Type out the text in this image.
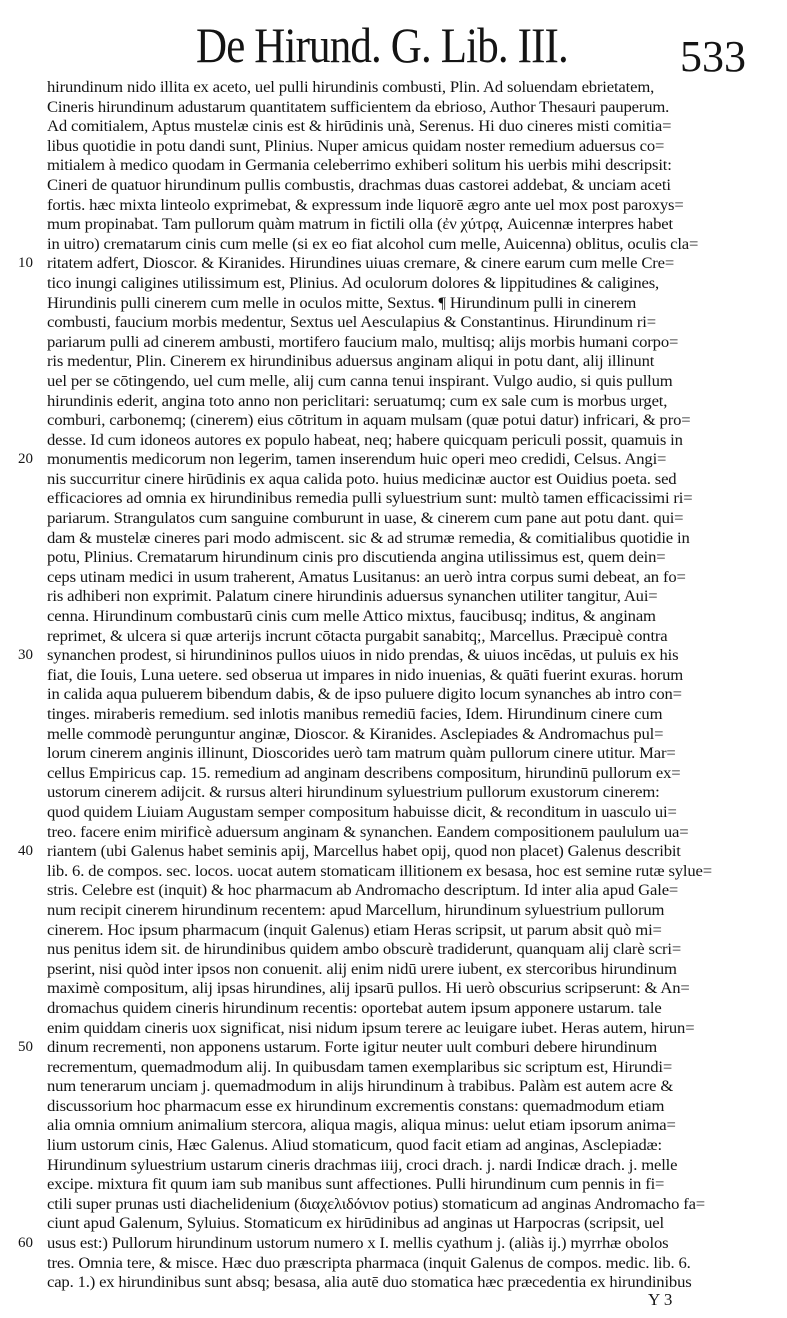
De Hirund. G. Lib. III.	533
hirundinum nido illita ex aceto, uel pulli hirundinis combusti, Plin. Ad soluendam ebrietatem,
Cineris hirundinum adustarum quantitatem sufficientem da ebrioso, Author Thesauri pauperum.
Ad comitialem, Aptus mustelæ cinis est & hirūdinis unà, Serenus. Hi duo cineres misti comitia=
libus quotidie in potu dandi sunt, Plinius. Nuper amicus quidam noster remedium aduersus co=
mitialem à medico quodam in Germania celeberrimo exhiberi solitum his uerbis mihi descripsit:
Cineri de quatuor hirundinum pullis combustis, drachmas duas castorei addebat, & unciam aceti
fortis. hæc mixta linteolo exprimebat, & expressum inde liquorē ægro ante uel mox post paroxys=
mum propinabat. Tam pullorum quàm matrum in fictili olla (ἐν χύτρᾳ, Auicennæ interpres habet
in uitro) crematarum cinis cum melle (si ex eo fiat alcohol cum melle, Auicenna) oblitus, oculis cla=
ritatem adfert, Dioscor. & Kiranides. Hirundines uiuas cremare, & cinere earum cum melle Cre=
tico inungi caligines utilissimum est, Plinius. Ad oculorum dolores & lippitudines & caligines,
Hirundinis pulli cinerem cum melle in oculos mitte, Sextus. ¶ Hirundinum pulli in cinerem
combusti, faucium morbis medentur, Sextus uel Aesculapius & Constantinus. Hirundinum ri=
pariarum pulli ad cinerem ambusti, mortifero faucium malo, multisq; alijs morbis humani corpo=
ris medentur, Plin. Cinerem ex hirundinibus aduersus anginam aliqui in potu dant, alij illinunt
uel per se cōtingendo, uel cum melle, alij cum canna tenui inspirant. Vulgo audio, si quis pullum
hirundinis ederit, angina toto anno non periclitari: seruatumq; cum ex sale cum is morbus urget,
comburi, carbonemq; (cinerem) eius cōtritum in aquam mulsam (quæ potui datur) infricari, & pro=
desse. Id cum idoneos autores ex populo habeat, neq; habere quicquam periculi possit, quamuis in
monumentis medicorum non legerim, tamen inserendum huic operi meo credidi, Celsus. Angi=
nis succurritur cinere hirūdinis ex aqua calida poto. huius medicinæ auctor est Ouidius poeta. sed
efficaciores ad omnia ex hirundinibus remedia pulli syluestrium sunt: multò tamen efficacissimi ri=
pariarum. Strangulatos cum sanguine comburunt in uase, & cinerem cum pane aut potu dant. qui=
dam & mustelæ cineres pari modo admiscent. sic & ad strumæ remedia, & comitialibus quotidie in
potu, Plinius. Crematarum hirundinum cinis pro discutienda angina utilissimus est, quem dein=
ceps utinam medici in usum traherent, Amatus Lusitanus: an uerò intra corpus sumi debeat, an fo=
ris adhiberi non exprimit. Palatum cinere hirundinis aduersus synanchen utiliter tangitur, Aui=
cenna. Hirundinum combustarū cinis cum melle Attico mixtus, faucibusq; inditus, & anginam
reprimet, & ulcera si quæ arterijs incrunt cōtacta purgabit sanabitq;, Marcellus. Præcipuè contra
synanchen prodest, si hirundininos pullos uiuos in nido prendas, & uiuos incēdas, ut puluis ex his
fiat, die Iouis, Luna uetere. sed obserua ut impares in nido inuenias, & quāti fuerint exuras. horum
in calida aqua puluerem bibendum dabis, & de ipso puluere digito locum synanches ab intro con=
tinges. miraberis remedium. sed inlotis manibus remediū facies, Idem. Hirundinum cinere cum
melle commodè perunguntur anginæ, Dioscor. & Kiranides. Asclepiades & Andromachus pul=
lorum cinerem anginis illinunt, Dioscorides uerò tam matrum quàm pullorum cinere utitur. Mar=
cellus Empiricus cap. 15. remedium ad anginam describens compositum, hirundinū pullorum ex=
ustorum cinerem adijcit. & rursus alteri hirundinum syluestrium pullorum exustorum cinerem:
quod quidem Liuiam Augustam semper compositum habuisse dicit, & reconditum in uasculo ui=
treo. facere enim mirificè aduersum anginam & synanchen. Eandem compositionem paululum ua=
riantem (ubi Galenus habet seminis apij, Marcellus habet opij, quod non placet) Galenus describit
lib. 6. de compos. sec. locos. uocat autem stomaticam illitionem ex besasa, hoc est semine rutæ sylue=
stris. Celebre est (inquit) & hoc pharmacum ab Andromacho descriptum. Id inter alia apud Gale=
num recipit cinerem hirundinum recentem: apud Marcellum, hirundinum syluestrium pullorum
cinerem. Hoc ipsum pharmacum (inquit Galenus) etiam Heras scripsit, ut parum absit quò mi=
nus penitus idem sit. de hirundinibus quidem ambo obscurè tradiderunt, quanquam alij clarè scri=
pserint, nisi quòd inter ipsos non conuenit. alij enim nidū urere iubent, ex stercoribus hirundinum
maximè compositum, alij ipsas hirundines, alij ipsarū pullos. Hi uerò obscurius scripserunt: & An=
dromachus quidem cineris hirundinum recentis: oportebat autem ipsum apponere ustarum. tale
enim quiddam cineris uox significat, nisi nidum ipsum terere ac leuigare iubet. Heras autem, hirun=
dinum recrementi, non apponens ustarum. Forte igitur neuter uult comburi debere hirundinum
recrementum, quemadmodum alij. In quibusdam tamen exemplaribus sic scriptum est, Hirundi=
num tenerarum unciam j. quemadmodum in alijs hirundinum à trabibus. Palàm est autem acre &
discussorium hoc pharmacum esse ex hirundinum excrementis constans: quemadmodum etiam
alia omnia omnium animalium stercora, aliqua magis, aliqua minus: uelut etiam ipsorum anima=
lium ustorum cinis, Hæc Galenus. Aliud stomaticum, quod facit etiam ad anginas, Asclepiadæ:
Hirundinum syluestrium ustarum cineris drachmas iiij, croci drach. j. nardi Indicæ drach. j. melle
excipe. mixtura fit quum iam sub manibus sunt affectiones. Pulli hirundinum cum pennis in fi=
ctili super prunas usti diachelidenium (διαχελιδόνιον potius) stomaticum ad anginas Andromacho fa=
ciunt apud Galenum, Syluius. Stomaticum ex hirūdinibus ad anginas ut Harpocras (scripsit, uel
usus est:) Pullorum hirundinum ustorum numero x I. mellis cyathum j. (aliàs ij.) myrrhæ obolos
tres. Omnia tere, & misce. Hæc duo præscripta pharmaca (inquit Galenus de compos. medic. lib. 6.
cap. 1.) ex hirundinibus sunt absq; besasa, alia autē duo stomatica hæc præcedentia ex hirundinibus
10
20
30
40
50
60
Y 3
